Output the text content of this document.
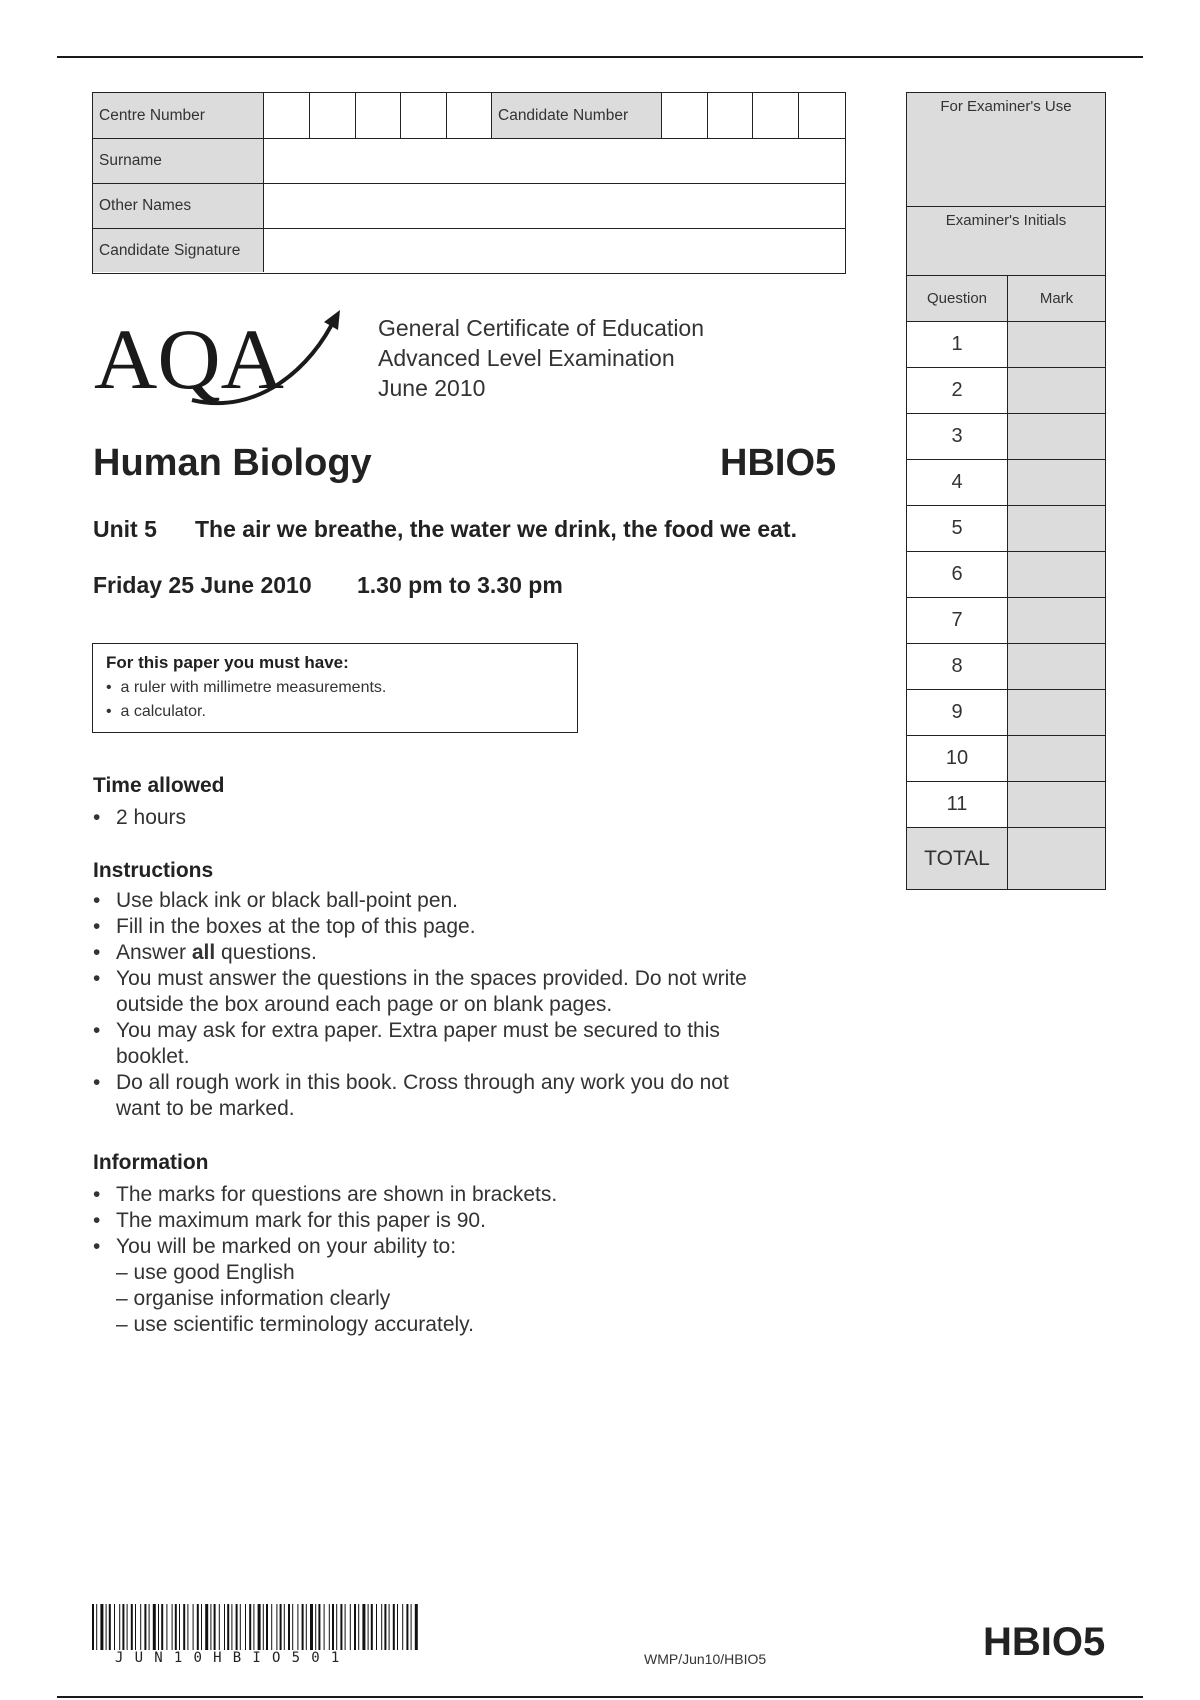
Centre Number	Candidate Number
Surname
Other Names
Candidate Signature
For Examiner's Use
Examiner's Initials
Question	Mark
1
2
3
4
5
6
7
8
9
10
11
TOTAL
AQA	General Certificate of Education
Advanced Level Examination
June 2010
Human Biology	HBIO5
Unit 5 The air we breathe, the water we drink, the food we eat.
Friday 25 June 2010 1.30 pm to 3.30 pm
For this paper you must have:
• a ruler with millimetre measurements.
• a calculator.
Time allowed
• 2 hours
Instructions
• Use black ink or black ball-point pen.
• Fill in the boxes at the top of this page.
• Answer all questions.
• You must answer the questions in the spaces provided. Do not write
outside the box around each page or on blank pages.
• You may ask for extra paper. Extra paper must be secured to this
booklet.
• Do all rough work in this book. Cross through any work you do not
want to be marked.
Information
• The marks for questions are shown in brackets.
• The maximum mark for this paper is 90.
• You will be marked on your ability to:
– use good English
– organise information clearly
– use scientific terminology accurately.
JUN10HBIO501	WMP/Jun10/HBIO5	HBIO5
